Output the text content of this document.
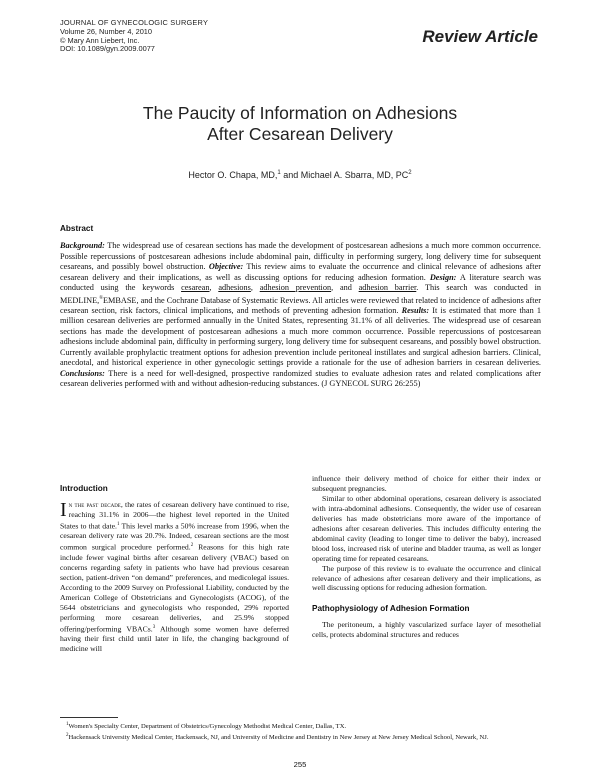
JOURNAL OF GYNECOLOGIC SURGERY
Volume 26, Number 4, 2010
© Mary Ann Liebert, Inc.
DOI: 10.1089/gyn.2009.0077
Review Article
The Paucity of Information on Adhesions
After Cesarean Delivery
Hector O. Chapa, MD,$^1$ and Michael A. Sbarra, MD, $PC^2$
Abstract

Background: The widespread use of cesarean sections has made the development of postcesarean adhesions a much more common occurrence. Possible repercussions of postcesarean adhesions include abdominal pain, difficulty in performing surgery, long delivery time for subsequent cesareans, and possibly bowel obstruction. Objective: This review aims to evaluate the occurrence and clinical relevance of adhesions after cesarean delivery and their implications, as well as discussing options for reducing adhesion formation. Design: A literature search was conducted using the keywords cesarean, adhesions, adhesion prevention, and adhesion barrier. This search was conducted in MEDLINE,®EMBASE, and the Cochrane Database of Systematic Reviews. All articles were reviewed that related to incidence of adhesions after cesarean section, risk factors, clinical implications, and methods of preventing adhesion formation. Results: It is estimated that more than 1 million cesarean deliveries are performed annually in the United States, representing 31.1% of all deliveries. The widespread use of cesarean sections has made the development of postcesarean adhesions a much more common occurrence. Possible repercussions of postcesarean adhesions include abdominal pain, difficulty in performing surgery, long delivery time for subsequent cesareans, and possibly bowel obstruction. Currently available prophylactic treatment options for adhesion prevention include peritoneal instillates and surgical adhesion barriers. Clinical, anecdotal, and historical experience in other gynecologic settings provide a rationale for the use of adhesion barriers in cesarean deliveries. Conclusions: There is a need for well-designed, prospective randomized studies to evaluate adhesion rates and related complications after cesarean deliveries performed with and without adhesion-reducing substances. (J GYNECOL SURG 26:255)

Introduction

In the past decade, the rates of cesarean delivery have continued to rise, reaching 31.1% in 2006—the highest level reported in the United States to that date.$^1$ This level marks a 50% increase from 1996, when the cesarean delivery rate was 20.7%. Indeed, cesarean sections are the most common surgical procedure performed.$^2$ Reasons for this high rate include fewer vaginal births after cesarean delivery (VBAC) based on concerns regarding safety in patients who have had previous cesarean section, patient-driven “on demand” preferences, and medicolegal issues. According to the 2009 Survey on Professional Liability, conducted by the American College of Obstetricians and Gynecologists (ACOG), of the 5644 obstetricians and gynecologists who responded, 29% reported performing more cesarean deliveries, and 25.9% stopped offering/performing VBACs.$^3$ Although some women have deferred having their first child until later in life, the changing background of medicine will

influence their delivery method of choice for either their index or subsequent pregnancies.

Similar to other abdominal operations, cesarean delivery is associated with intra-abdominal adhesions. Consequently, the wider use of cesarean deliveries has made obstetricians more aware of the importance of adhesions after cesarean deliveries. This includes difficulty entering the abdominal cavity (leading to longer time to deliver the baby), increased blood loss, increased risk of uterine and bladder trauma, as well as longer operating time for repeated cesareans.

The purpose of this review is to evaluate the occurrence and clinical relevance of adhesions after cesarean delivery and their implications, as well discussing options for reducing adhesion formation.

Pathophysiology of Adhesion Formation

The peritoneum, a highly vascularized surface layer of mesothelial cells, protects abdominal structures and reduces

$^1$Women's Specialty Center, Department of Obstetrics/Gynecology Methodist Medical Center, Dallas, TX.

$^2$Hackensack University Medical Center, Hackensack, NJ, and University of Medicine and Dentistry in New Jersey at New Jersey Medical School, Newark, NJ.

255
